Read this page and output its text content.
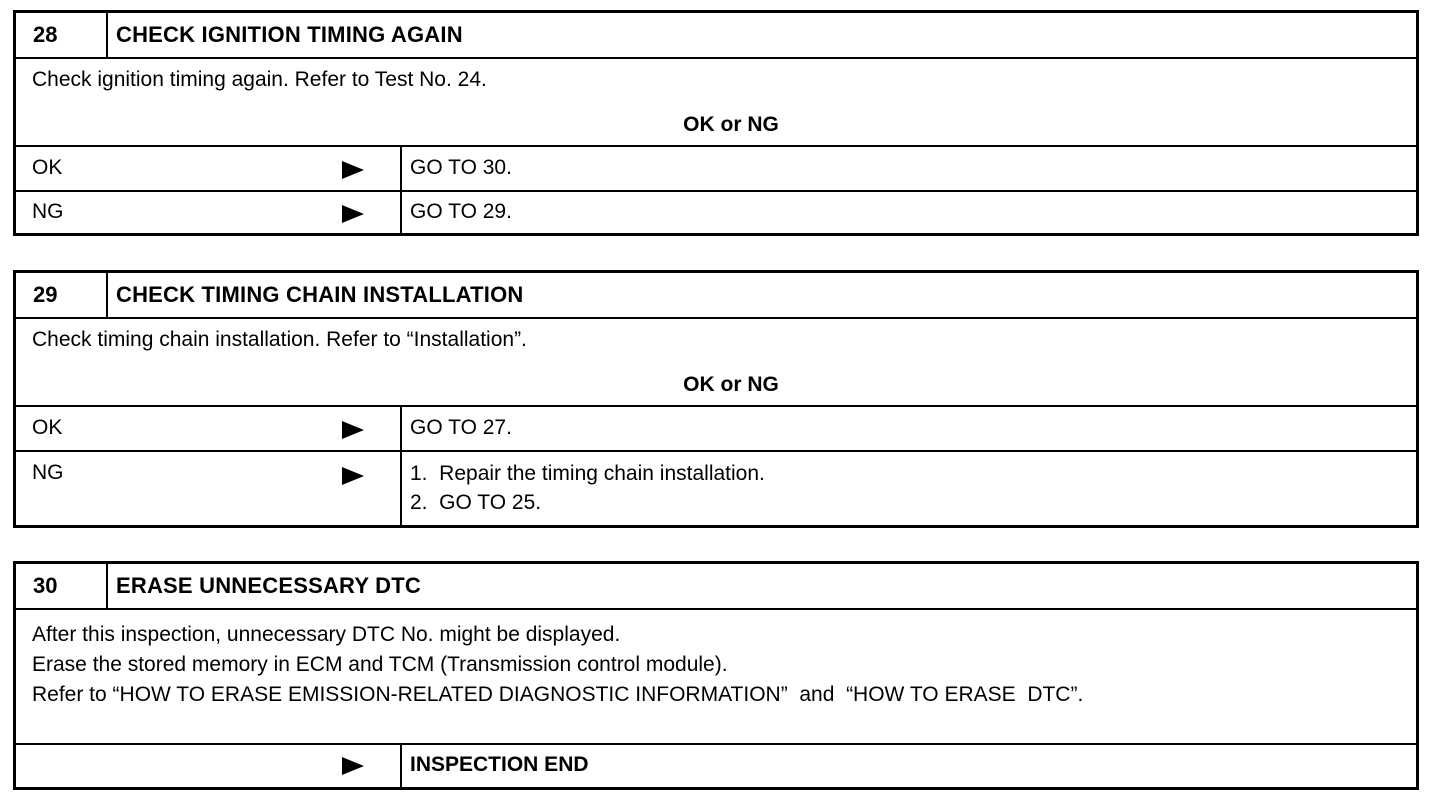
28	CHECK IGNITION TIMING AGAIN
Check ignition timing again. Refer to Test No. 24.
OK or NG
OK	GO TO 30.
NG	GO TO 29.
29	CHECK TIMING CHAIN INSTALLATION
Check timing chain installation. Refer to “Installation”.
OK or NG
OK	GO TO 27.
NG	1.  Repair the timing chain installation.
2.  GO TO 25.
30	ERASE UNNECESSARY DTC
After this inspection, unnecessary DTC No. might be displayed.
Erase the stored memory in ECM and TCM (Transmission control module).
Refer to “HOW TO ERASE EMISSION-RELATED DIAGNOSTIC INFORMATION”  and  “HOW TO ERASE  DTC”.
INSPECTION END
